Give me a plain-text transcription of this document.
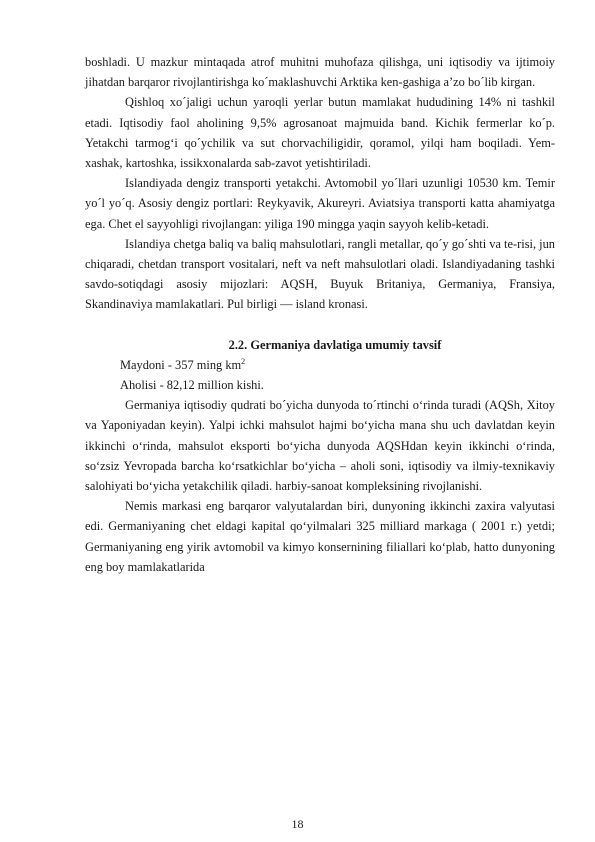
boshladi. U mazkur mintaqada atrof muhitni muhofaza qilishga, uni iqtisodiy va ijtimoiy jihatdan barqaror rivojlantirishga ko´maklashuvchi Arktika ken-gashiga a’zo bo´lib kirgan.

Qishloq xo´jaligi uchun yaroqli yerlar butun mamlakat hududining 14% ni tashkil etadi. Iqtisodiy faol aholining 9,5% agrosanoat majmuida band. Kichik fermerlar ko´p. Yetakchi tarmog‘i qo´ychilik va sut chorvachiligidir, qoramol, yilqi ham boqiladi. Yem-xashak, kartoshka, issikxonalarda sab-zavot yetishtiriladi.

Islandiyada dengiz transporti yetakchi. Avtomobil yo´llari uzunligi 10530 km. Temir yo´l yo´q. Asosiy dengiz portlari: Reykyavik, Akureyri. Aviatsiya transporti katta ahamiyatga ega. Chet el sayyohligi rivojlangan: yiliga 190 mingga yaqin sayyoh kelib-ketadi.

Islandiya chetga baliq va baliq mahsulotlari, rangli metallar, qo´y go´shti va te-risi, jun chiqaradi, chetdan transport vositalari, neft va neft mahsulotlari oladi. Islandiyadaning tashki savdo-sotiqdagi asosiy mijozlari: AQSH, Buyuk Britaniya, Germaniya, Fransiya, Skandinaviya mamlakatlari. Pul birligi — island kronasi.

2.2. Germaniya davlatiga umumiy tavsif

Maydoni - 357 ming $km^2$

Aholisi - 82,12 million kishi.

Germaniya iqtisodiy qudrati bo´yicha dunyoda to´rtinchi o‘rinda turadi (AQSh, Xitoy va Yaponiyadan keyin). Yalpi ichki mahsulot hajmi bo‘yicha mana shu uch davlatdan keyin ikkinchi o‘rinda, mahsulot eksporti bo‘yicha dunyoda AQSHdan keyin ikkinchi o‘rinda, so‘zsiz Yevropada barcha ko‘rsatkichlar bo‘yicha – aholi soni, iqtisodiy va ilmiy-texnikaviy salohiyati bo‘yicha yetakchilik qiladi. harbiy-sanoat kompleksining rivojlanishi.

Nemis markasi eng barqaror valyutalardan biri, dunyoning ikkinchi zaxira valyutasi edi. Germaniyaning chet eldagi kapital qo‘yilmalari 325 milliard markaga ( 2001 г.) yetdi; Germaniyaning eng yirik avtomobil va kimyo konsernining filiallari ko‘plab, hatto dunyoning eng boy mamlakatlarida

18
